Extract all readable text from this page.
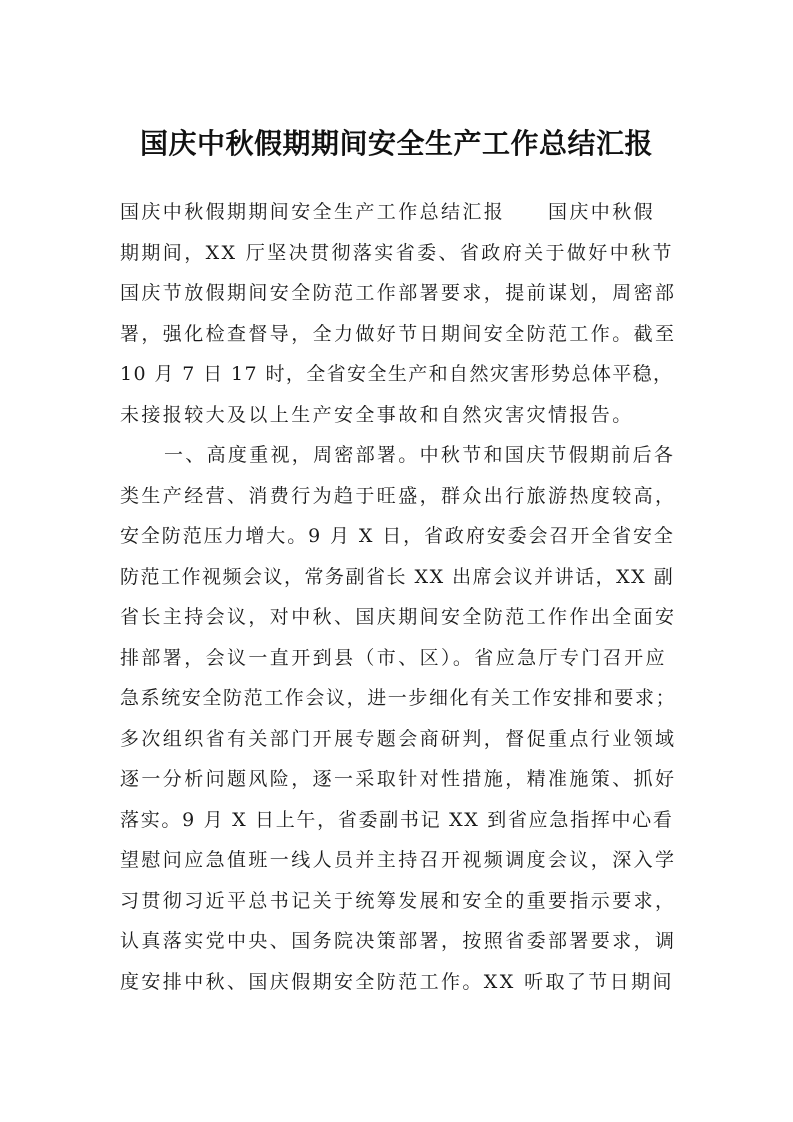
国庆中秋假期期间安全生产工作总结汇报
国庆中秋假期期间安全生产工作总结汇报　　国庆中秋假
期期间，XX 厅坚决贯彻落实省委、省政府关于做好中秋节
国庆节放假期间安全防范工作部署要求，提前谋划，周密部
署，强化检查督导，全力做好节日期间安全防范工作。截至
10 月 7 日 17 时，全省安全生产和自然灾害形势总体平稳，
未接报较大及以上生产安全事故和自然灾害灾情报告。
一、高度重视，周密部署。中秋节和国庆节假期前后各
类生产经营、消费行为趋于旺盛，群众出行旅游热度较高，
安全防范压力增大。9 月 X 日，省政府安委会召开全省安全
防范工作视频会议，常务副省长 XX 出席会议并讲话，XX 副
省长主持会议，对中秋、国庆期间安全防范工作作出全面安
排部署，会议一直开到县（市、区）。省应急厅专门召开应
急系统安全防范工作会议，进一步细化有关工作安排和要求；
多次组织省有关部门开展专题会商研判，督促重点行业领域
逐一分析问题风险，逐一采取针对性措施，精准施策、抓好
落实。9 月 X 日上午，省委副书记 XX 到省应急指挥中心看
望慰问应急值班一线人员并主持召开视频调度会议，深入学
习贯彻习近平总书记关于统筹发展和安全的重要指示要求，
认真落实党中央、国务院决策部署，按照省委部署要求，调
度安排中秋、国庆假期安全防范工作。XX 听取了节日期间
